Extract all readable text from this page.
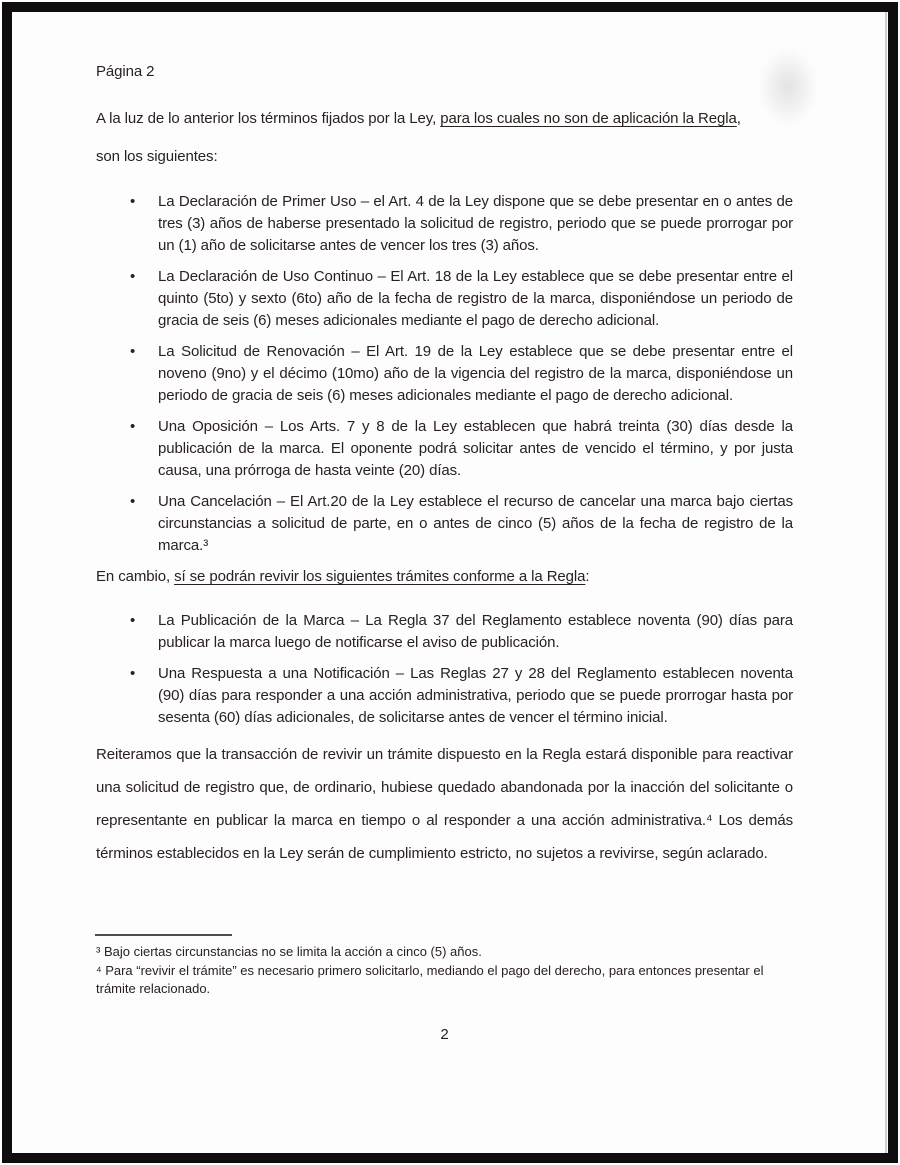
Página 2

A la luz de lo anterior los términos fijados por la Ley, para los cuales no son de aplicación la Regla,
son los siguientes:

• La Declaración de Primer Uso – el Art. 4 de la Ley dispone que se debe presentar en o antes de tres (3) años de haberse presentado la solicitud de registro, periodo que se puede prorrogar por un (1) año de solicitarse antes de vencer los tres (3) años.
• La Declaración de Uso Continuo – El Art. 18 de la Ley establece que se debe presentar entre el quinto (5to) y sexto (6to) año de la fecha de registro de la marca, disponiéndose un periodo de gracia de seis (6) meses adicionales mediante el pago de derecho adicional.
• La Solicitud de Renovación – El Art. 19 de la Ley establece que se debe presentar entre el noveno (9no) y el décimo (10mo) año de la vigencia del registro de la marca, disponiéndose un periodo de gracia de seis (6) meses adicionales mediante el pago de derecho adicional.
• Una Oposición – Los Arts. 7 y 8 de la Ley establecen que habrá treinta (30) días desde la publicación de la marca. El oponente podrá solicitar antes de vencido el término, y por justa causa, una prórroga de hasta veinte (20) días.
• Una Cancelación – El Art.20 de la Ley establece el recurso de cancelar una marca bajo ciertas circunstancias a solicitud de parte, en o antes de cinco (5) años de la fecha de registro de la marca.³

En cambio, sí se podrán revivir los siguientes trámites conforme a la Regla:

• La Publicación de la Marca – La Regla 37 del Reglamento establece noventa (90) días para publicar la marca luego de notificarse el aviso de publicación.
• Una Respuesta a una Notificación – Las Reglas 27 y 28 del Reglamento establecen noventa (90) días para responder a una acción administrativa, periodo que se puede prorrogar hasta por sesenta (60) días adicionales, de solicitarse antes de vencer el término inicial.

Reiteramos que la transacción de revivir un trámite dispuesto en la Regla estará disponible para reactivar una solicitud de registro que, de ordinario, hubiese quedado abandonada por la inacción del solicitante o representante en publicar la marca en tiempo o al responder a una acción administrativa.⁴ Los demás términos establecidos en la Ley serán de cumplimiento estricto, no sujetos a revivirse, según aclarado.

³ Bajo ciertas circunstancias no se limita la acción a cinco (5) años.
⁴ Para “revivir el trámite” es necesario primero solicitarlo, mediando el pago del derecho, para entonces presentar el trámite relacionado.
2
